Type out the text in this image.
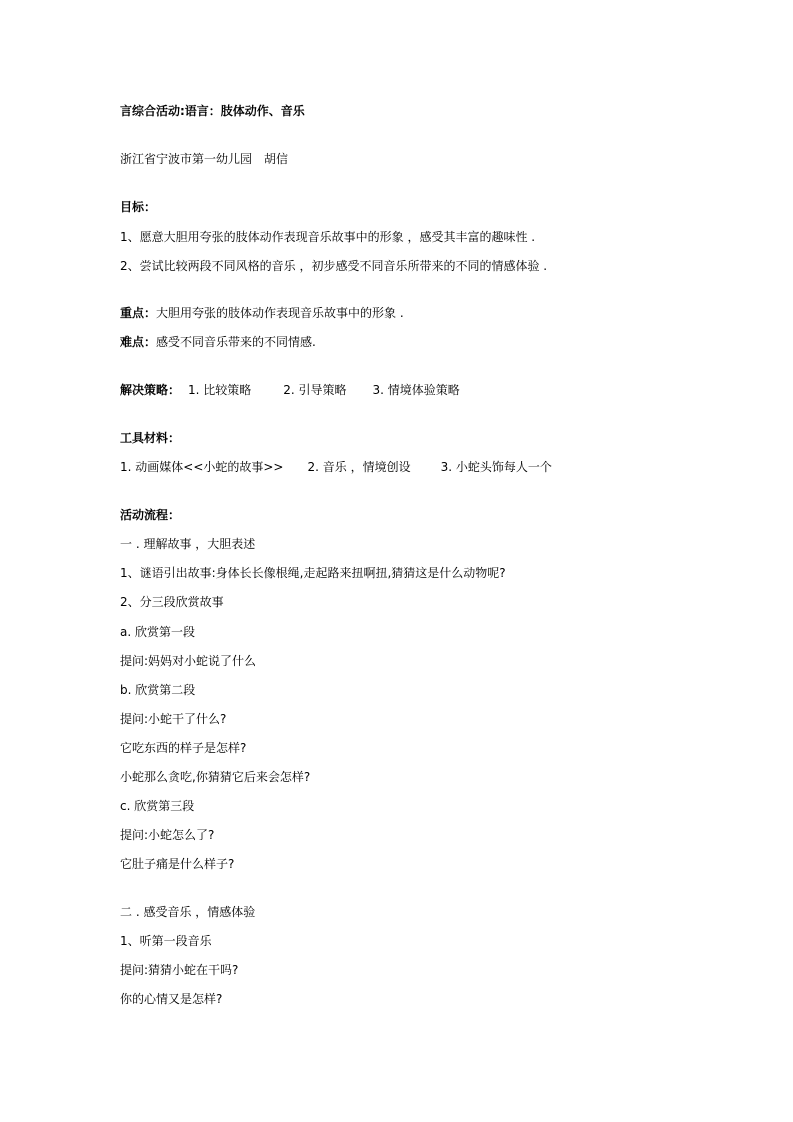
言综合活动:语言：肢体动作、音乐
浙江省宁波市第一幼儿园　胡信
目标：
1、愿意大胆用夸张的肢体动作表现音乐故事中的形象 ，感受其丰富的趣味性 .
2、尝试比较两段不同风格的音乐 ，初步感受不同音乐所带来的不同的情感体验 .
重点：大胆用夸张的肢体动作表现音乐故事中的形象 .
难点：感受不同音乐带来的不同情感.
解决策略： 1. 比较策略	2. 引导策略 3. 情境体验策略
工具材料：
1. 动画媒体<<小蛇的故事>> 2. 音乐 ，情境创设	3. 小蛇头饰每人一个
活动流程：
一 . 理解故事 ，大胆表述
1、谜语引出故事:身体长长像根绳,走起路来扭啊扭,猜猜这是什么动物呢?
2、分三段欣赏故事
a. 欣赏第一段
提问:妈妈对小蛇说了什么
b. 欣赏第二段
提问:小蛇干了什么?
它吃东西的样子是怎样?
小蛇那么贪吃,你猜猜它后来会怎样?
c. 欣赏第三段
提问:小蛇怎么了?
它肚子痛是什么样子?
二 . 感受音乐 ，情感体验
1、听第一段音乐
提问:猜猜小蛇在干吗?
你的心情又是怎样?
